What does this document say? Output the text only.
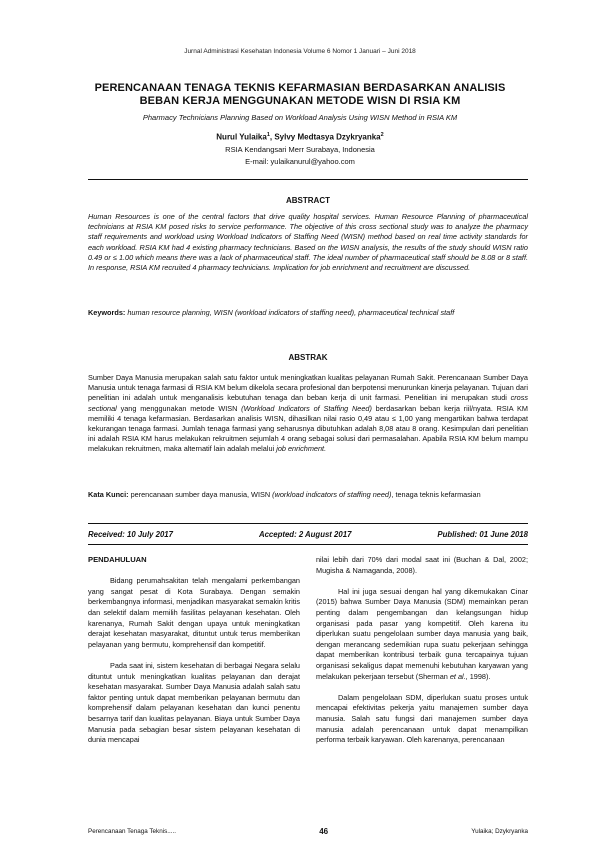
Jurnal Administrasi Kesehatan Indonesia Volume 6 Nomor 1 Januari – Juni 2018
PERENCANAAN TENAGA TEKNIS KEFARMASIAN BERDASARKAN ANALISIS
BEBAN KERJA MENGGUNAKAN METODE WISN DI RSIA KM
Pharmacy Technicians Planning Based on Workload Analysis Using WISN Method in RSIA KM
Nurul Yulaika$^1$, Sylvy Medtasya Dzykryanka$^2$
RSIA Kendangsari Merr Surabaya, Indonesia
E-mail: yulaikanurul@yahoo.com
ABSTRACT
Human Resources is one of the central factors that drive quality hospital services. Human Resource Planning of pharmaceutical technicians at RSIA KM posed risks to service performance. The objective of this cross sectional study was to analyze the pharmacy staff requirements and workload using Workload Indicators of Staffing Need (WISN) method based on real time activity standards for each workload. RSIA KM had 4 existing pharmacy technicians. Based on the WISN analysis, the results of the study should WISN ratio 0.49 or ≤ 1.00 which means there was a lack of pharmaceutical staff. The ideal number of pharmaceutical staff should be 8.08 or 8 staff. In response, RSIA KM recruited 4 pharmacy technicians. Implication for job enrichment and recruitment are discussed.
Keywords: human resource planning, WISN (workload indicators of staffing need), pharmaceutical technical staff
ABSTRAK
Sumber Daya Manusia merupakan salah satu faktor untuk meningkatkan kualitas pelayanan Rumah Sakit. Perencanaan Sumber Daya Manusia untuk tenaga farmasi di RSIA KM belum dikelola secara profesional dan berpotensi menurunkan kinerja pelayanan. Tujuan dari penelitian ini adalah untuk menganalisis kebutuhan tenaga dan beban kerja di unit farmasi. Penelitian ini merupakan studi cross sectional yang menggunakan metode WISN (Workload Indicators of Staffing Need) berdasarkan beban kerja riil/nyata. RSIA KM memiliki 4 tenaga kefarmasian. Berdasarkan analisis WISN, dihasilkan nilai rasio 0,49 atau ≤ 1,00 yang mengartikan bahwa terdapat kekurangan tenaga farmasi. Jumlah tenaga farmasi yang seharusnya dibutuhkan adalah 8,08 atau 8 orang. Kesimpulan dari penelitian ini adalah RSIA KM harus melakukan rekruitmen sejumlah 4 orang sebagai solusi dari permasalahan. Apabila RSIA KM belum mampu melakukan rekruitmen, maka alternatif lain adalah melalui job enrichment.
Kata Kunci: perencanaan sumber daya manusia, WISN (workload indicators of staffing need), tenaga teknis kefarmasian
Received: 10 July 2017	Accepted: 2 August 2017	Published: 01 June 2018
PENDAHULUAN

Bidang perumahsakitan telah mengalami perkembangan yang sangat pesat di Kota Surabaya. Dengan semakin berkembangnya informasi, menjadikan masyarakat semakin kritis dan selektif dalam memilih fasilitas pelayanan kesehatan. Oleh karenanya, Rumah Sakit dengan upaya untuk meningkatkan derajat kesehatan masyarakat, dituntut untuk terus memberikan pelayanan yang bermutu, komprehensif dan kompetitif.

Pada saat ini, sistem kesehatan di berbagai Negara selalu dituntut untuk meningkatkan kualitas pelayanan dan derajat kesehatan masyarakat. Sumber Daya Manusia adalah salah satu faktor penting untuk dapat memberikan pelayanan bermutu dan komprehensif dalam pelayanan kesehatan dan kunci penentu besarnya tarif dan kualitas pelayanan. Biaya untuk Sumber Daya Manusia pada sebagian besar sistem pelayanan kesehatan di dunia mencapai

nilai lebih dari 70% dari modal saat ini (Buchan & Dal, 2002; Mugisha & Namaganda, 2008).

Hal ini juga sesuai dengan hal yang dikemukakan Cinar (2015) bahwa Sumber Daya Manusia (SDM) memainkan peran penting dalam pengembangan dan kelangsungan hidup organisasi pada pasar yang kompetitif. Oleh karena itu diperlukan suatu pengelolaan sumber daya manusia yang baik, dengan merancang sedemikian rupa suatu pekerjaan sehingga dapat memberikan kontribusi terbaik guna tercapainya tujuan organisasi sekaligus dapat memenuhi kebutuhan karyawan yang melakukan pekerjaan tersebut (Sherman et al., 1998).

Dalam pengelolaan SDM, diperlukan suatu proses untuk mencapai efektivitas pekerja yaitu manajemen sumber daya manusia. Salah satu fungsi dari manajemen sumber daya manusia adalah perencanaan untuk dapat menampilkan performa terbaik karyawan. Oleh karenanya, perencanaan

Perencanaan Tenaga Teknis.....	46	Yulaika; Dzykryanka
